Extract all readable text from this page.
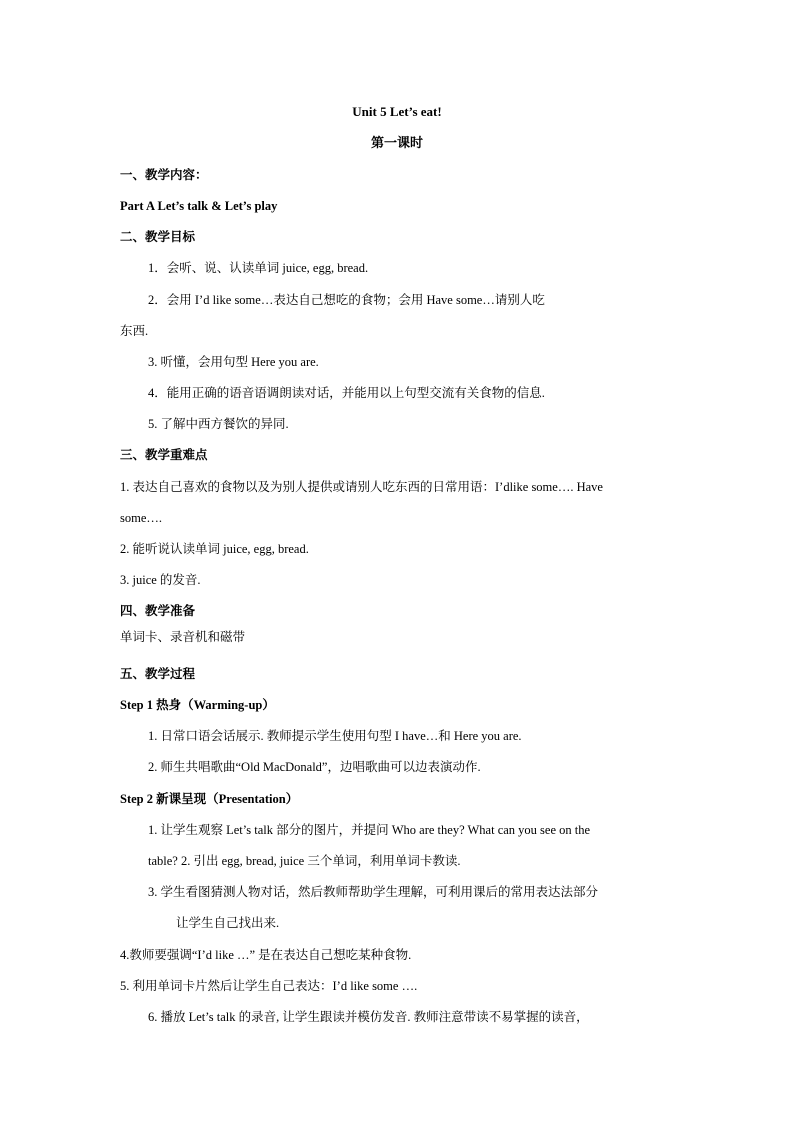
Unit 5 Let’s eat!
第一课时
一、教学内容：
Part A Let’s talk & Let’s play
二、教学目标
1．会听、说、认读单词 juice, egg, bread.
2．会用 I’d like some…表达自己想吃的食物；会用 Have some…请别人吃
东西.
3. 听懂，会用句型 Here you are.
4．能用正确的语音语调朗读对话，并能用以上句型交流有关食物的信息.
5. 了解中西方餐饮的异同.
三、教学重难点
1. 表达自己喜欢的食物以及为别人提供或请别人吃东西的日常用语：I’dlike some…. Have
some….
2. 能听说认读单词 juice, egg, bread.
3. juice 的发音.
四、教学准备
单词卡、录音机和磁带
五、教学过程
Step 1 热身（Warming-up）
1. 日常口语会话展示. 教师提示学生使用句型 I have…和 Here you are.
2. 师生共唱歌曲“Old MacDonald”，边唱歌曲可以边表演动作.
Step 2 新课呈现（Presentation）
1. 让学生观察 Let’s talk 部分的图片，并提问 Who are they? What can you see on the
table? 2. 引出 egg, bread, juice 三个单词，利用单词卡教读.
3. 学生看图猜测人物对话，然后教师帮助学生理解，可利用课后的常用表达法部分
让学生自己找出来.
4.教师要强调“I’d like …” 是在表达自己想吃某种食物.
5. 利用单词卡片然后让学生自己表达：I’d like some ….
6. 播放 Let’s talk 的录音, 让学生跟读并模仿发音. 教师注意带读不易掌握的读音，
